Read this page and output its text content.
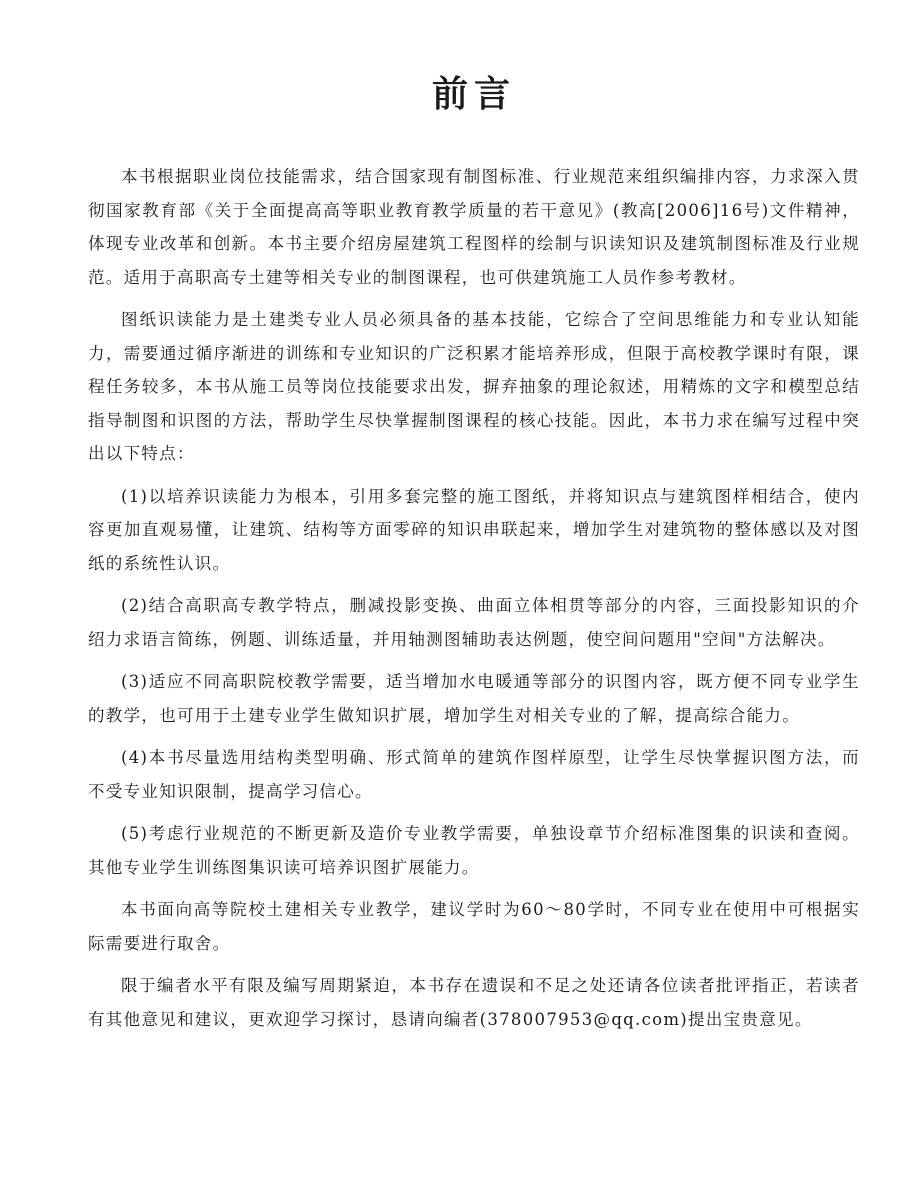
前言

本书根据职业岗位技能需求，结合国家现有制图标准、行业规范来组织编排内容，力求深入贯彻国家教育部《关于全面提高高等职业教育教学质量的若干意见》(教高[2006]16号)文件精神，体现专业改革和创新。本书主要介绍房屋建筑工程图样的绘制与识读知识及建筑制图标准及行业规范。适用于高职高专土建等相关专业的制图课程，也可供建筑施工人员作参考教材。

图纸识读能力是土建类专业人员必须具备的基本技能，它综合了空间思维能力和专业认知能力，需要通过循序渐进的训练和专业知识的广泛积累才能培养形成，但限于高校教学课时有限，课程任务较多，本书从施工员等岗位技能要求出发，摒弃抽象的理论叙述，用精炼的文字和模型总结指导制图和识图的方法，帮助学生尽快掌握制图课程的核心技能。因此，本书力求在编写过程中突出以下特点：

(1)以培养识读能力为根本，引用多套完整的施工图纸，并将知识点与建筑图样相结合，使内容更加直观易懂，让建筑、结构等方面零碎的知识串联起来，增加学生对建筑物的整体感以及对图纸的系统性认识。

(2)结合高职高专教学特点，删减投影变换、曲面立体相贯等部分的内容，三面投影知识的介绍力求语言简练，例题、训练适量，并用轴测图辅助表达例题，使空间问题用"空间"方法解决。

(3)适应不同高职院校教学需要，适当增加水电暖通等部分的识图内容，既方便不同专业学生的教学，也可用于土建专业学生做知识扩展，增加学生对相关专业的了解，提高综合能力。

(4)本书尽量选用结构类型明确、形式简单的建筑作图样原型，让学生尽快掌握识图方法，而不受专业知识限制，提高学习信心。

(5)考虑行业规范的不断更新及造价专业教学需要，单独设章节介绍标准图集的识读和查阅。其他专业学生训练图集识读可培养识图扩展能力。

本书面向高等院校土建相关专业教学，建议学时为60～80学时，不同专业在使用中可根据实际需要进行取舍。

限于编者水平有限及编写周期紧迫，本书存在遗误和不足之处还请各位读者批评指正，若读者有其他意见和建议，更欢迎学习探讨，恳请向编者(378007953@qq.com)提出宝贵意见。
